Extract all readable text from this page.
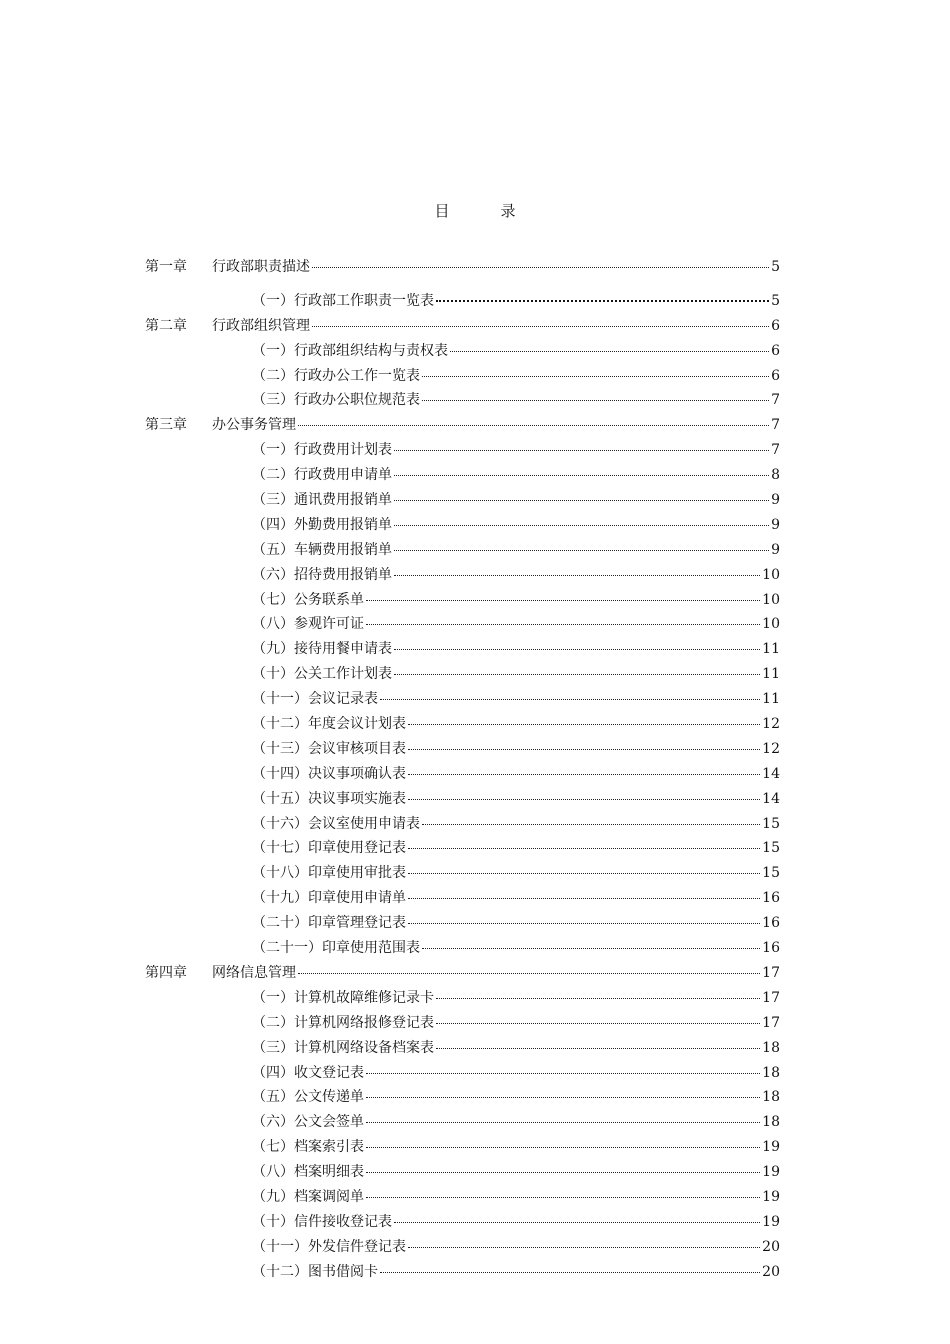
目　录
第一章	行政部职责描述	5
（一）行政部工作职责一览表	5
第二章	行政部组织管理	6
（一）行政部组织结构与责权表	6
（二）行政办公工作一览表	6
（三）行政办公职位规范表	7
第三章	办公事务管理	7
（一）行政费用计划表	7
（二）行政费用申请单	8
（三）通讯费用报销单	9
（四）外勤费用报销单	9
（五）车辆费用报销单	9
（六）招待费用报销单	10
（七）公务联系单	10
（八）参观许可证	10
（九）接待用餐申请表	11
（十）公关工作计划表	11
（十一）会议记录表	11
（十二）年度会议计划表	12
（十三）会议审核项目表	12
（十四）决议事项确认表	14
（十五）决议事项实施表	14
（十六）会议室使用申请表	15
（十七）印章使用登记表	15
（十八）印章使用审批表	15
（十九）印章使用申请单	16
（二十）印章管理登记表	16
（二十一）印章使用范围表	16
第四章	网络信息管理	17
（一）计算机故障维修记录卡	17
（二）计算机网络报修登记表	17
（三）计算机网络设备档案表	18
（四）收文登记表	18
（五）公文传递单	18
（六）公文会签单	18
（七）档案索引表	19
（八）档案明细表	19
（九）档案调阅单	19
（十）信件接收登记表	19
（十一）外发信件登记表	20
（十二）图书借阅卡	20
